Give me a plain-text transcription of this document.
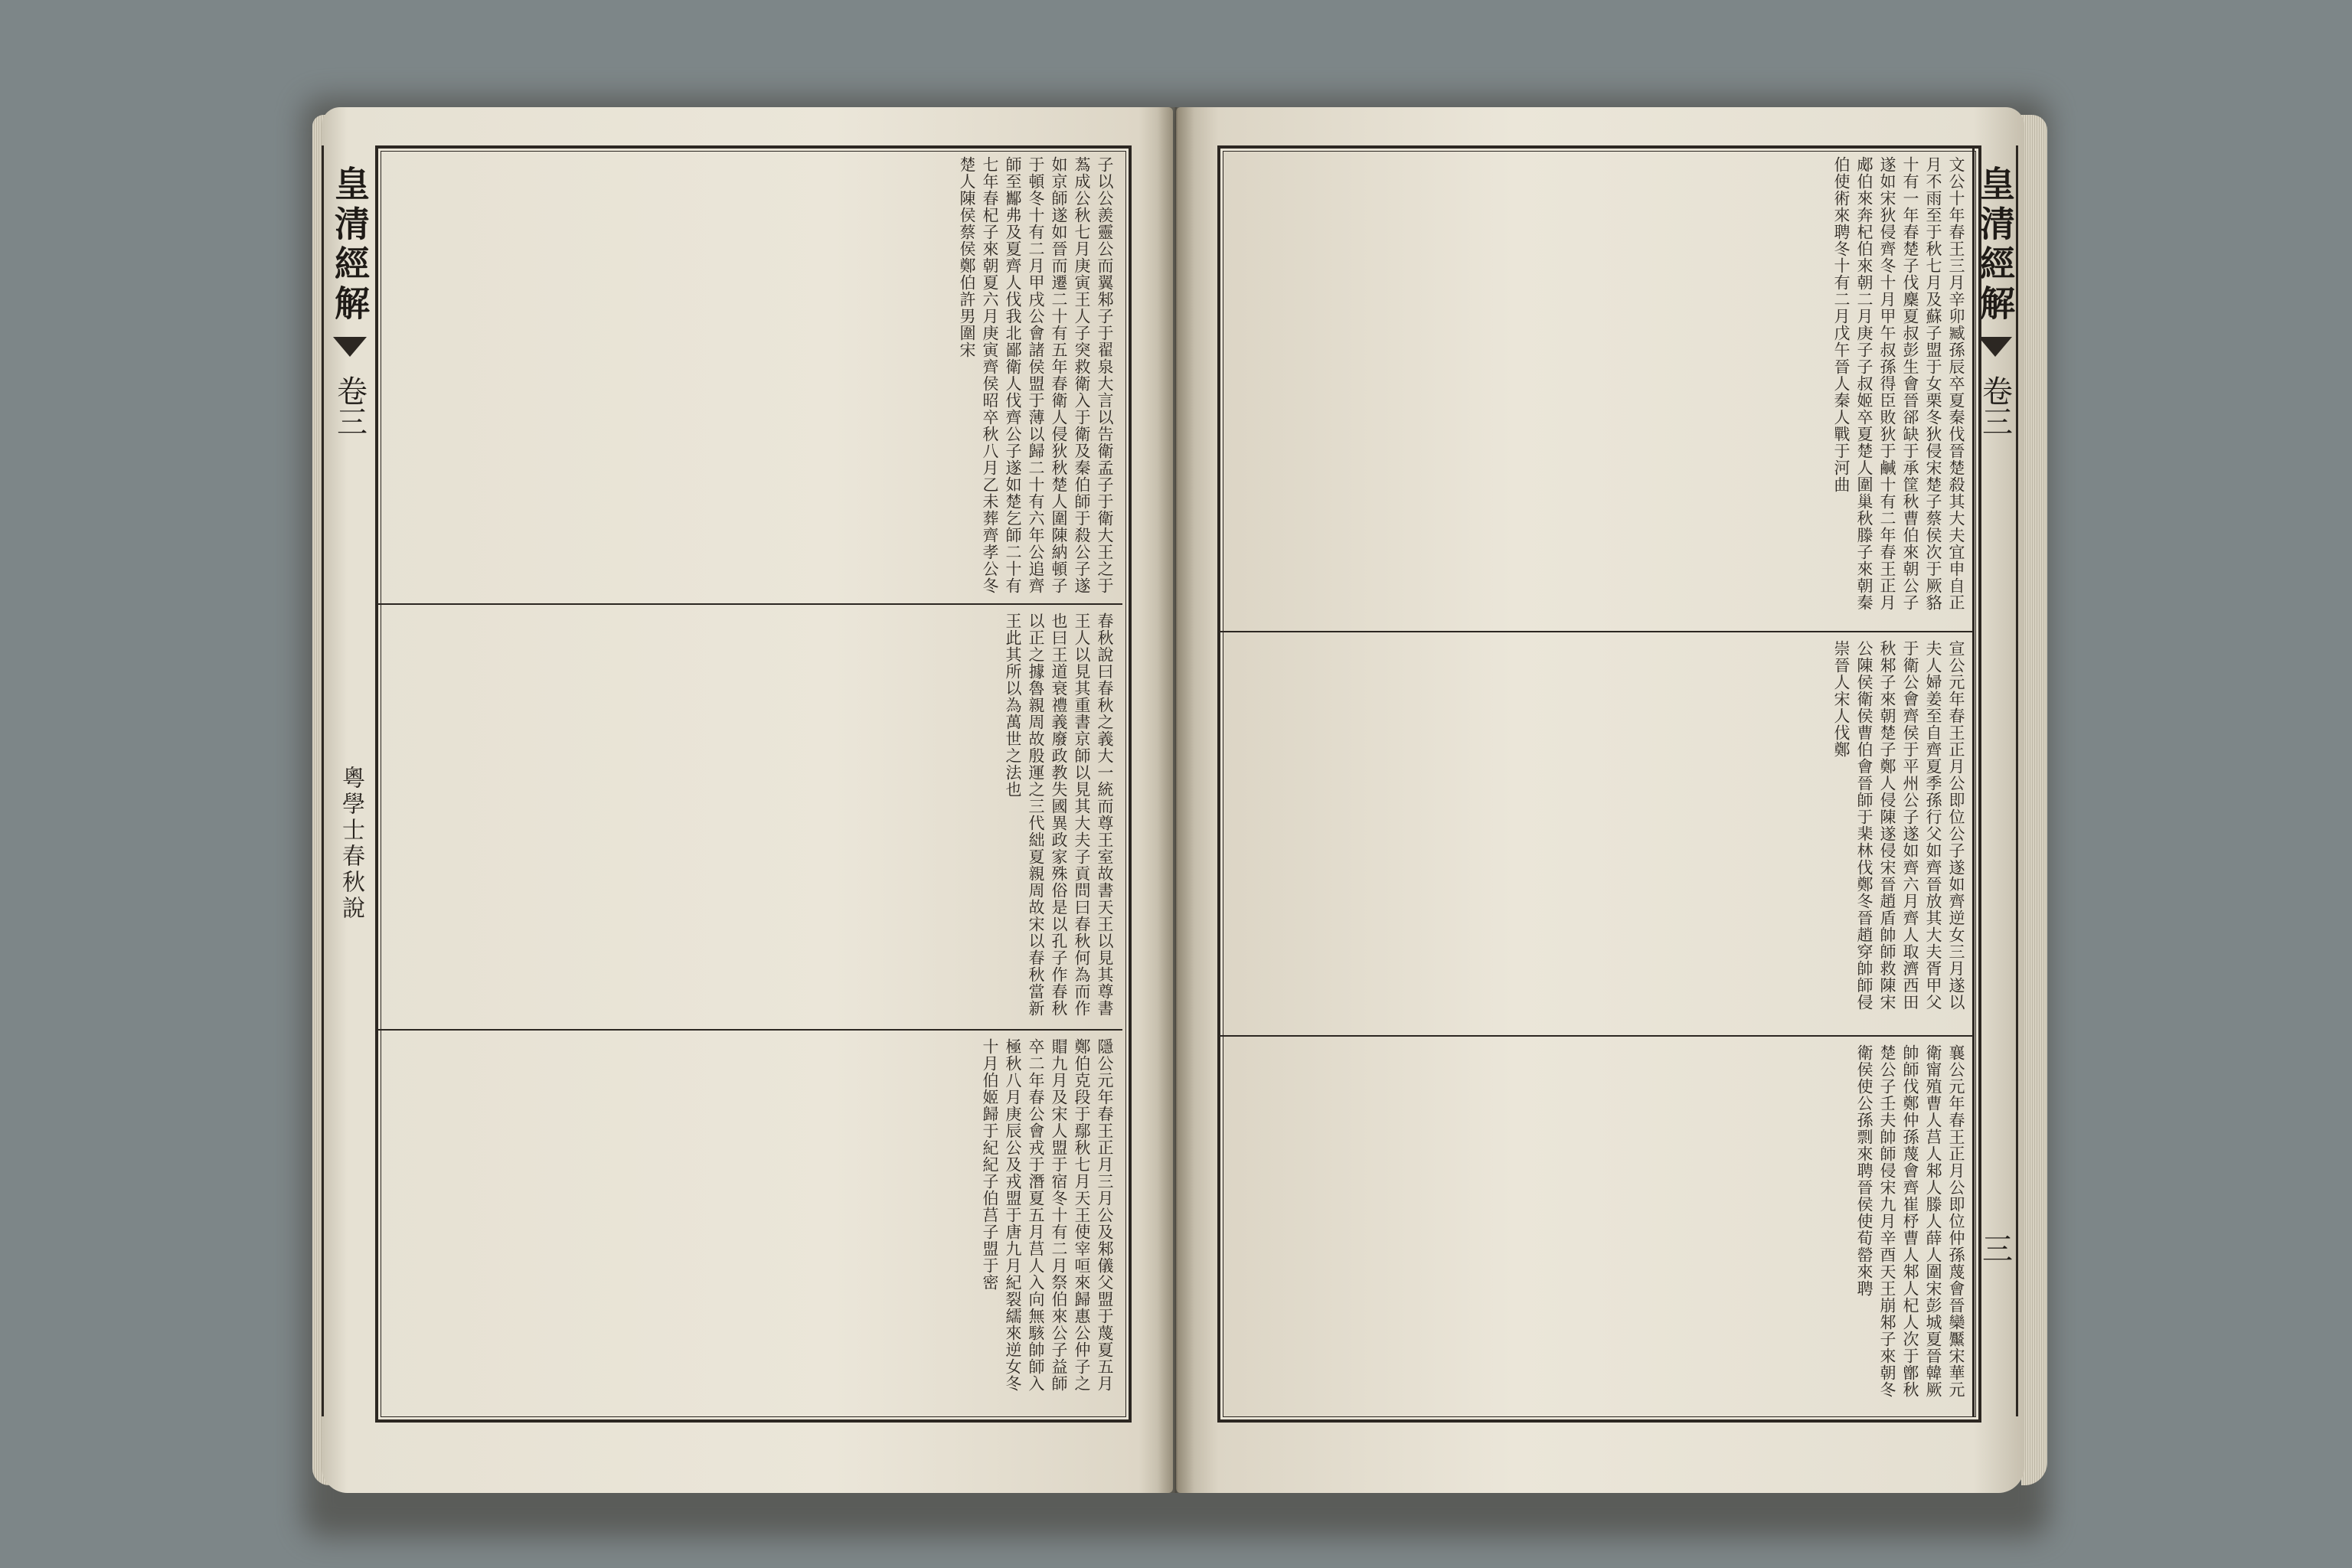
子以公羨靈公而翼邾子于翟泉大言以告衛孟子于衛大王之于蒍成公秋七月庚寅王人子突救衛入于衛及秦伯師于殺公子遂如京師遂如晉而遷二十有五年春衛人侵狄秋楚人圍陳納頓子于頓冬十有二月甲戌公會諸侯盟于薄以歸二十有六年公追齊師至酅弗及夏齊人伐我北鄙衛人伐齊公子遂如楚乞師二十有七年春杞子來朝夏六月庚寅齊侯昭卒秋八月乙未葬齊孝公冬楚人陳侯蔡侯鄭伯許男圍宋
春秋說曰春秋之義大一統而尊王室故書天王以見其尊書王人以見其重書京師以見其大夫子貢問曰春秋何為而作也曰王道衰禮義廢政教失國異政家殊俗是以孔子作春秋以正之據魯親周故殷運之三代絀夏親周故宋以春秋當新王此其所以為萬世之法也
隱公元年春王正月三月公及邾儀父盟于蔑夏五月鄭伯克段于鄢秋七月天王使宰咺來歸惠公仲子之賵九月及宋人盟于宿冬十有二月祭伯來公子益師卒二年春公會戎于潛夏五月莒人入向無駭帥師入極秋八月庚辰公及戎盟于唐九月紀裂繻來逆女冬十月伯姬歸于紀紀子伯莒子盟于密
皇清經解
卷三
粵學士春秋說
文公十年春王三月辛卯臧孫辰卒夏秦伐晉楚殺其大夫宜申自正月不雨至于秋七月及蘇子盟于女栗冬狄侵宋楚子蔡侯次于厥貉十有一年春楚子伐麇夏叔彭生會晉郤缺于承筐秋曹伯來朝公子遂如宋狄侵齊冬十月甲午叔孫得臣敗狄于鹹十有二年春王正月郕伯來奔杞伯來朝二月庚子子叔姬卒夏楚人圍巢秋滕子來朝秦伯使術來聘冬十有二月戊午晉人秦人戰于河曲
宣公元年春王正月公即位公子遂如齊逆女三月遂以夫人婦姜至自齊夏季孫行父如齊晉放其大夫胥甲父于衛公會齊侯于平州公子遂如齊六月齊人取濟西田秋邾子來朝楚子鄭人侵陳遂侵宋晉趙盾帥師救陳宋公陳侯衛侯曹伯會晉師于棐林伐鄭冬晉趙穿帥師侵崇晉人宋人伐鄭
襄公元年春王正月公即位仲孫蔑會晉欒黶宋華元衛甯殖曹人莒人邾人滕人薛人圍宋彭城夏晉韓厥帥師伐鄭仲孫蔑會齊崔杼曹人邾人杞人次于鄫秋楚公子壬夫帥師侵宋九月辛酉天王崩邾子來朝冬衛侯使公孫剽來聘晉侯使荀罃來聘
皇清經解
卷三
三
